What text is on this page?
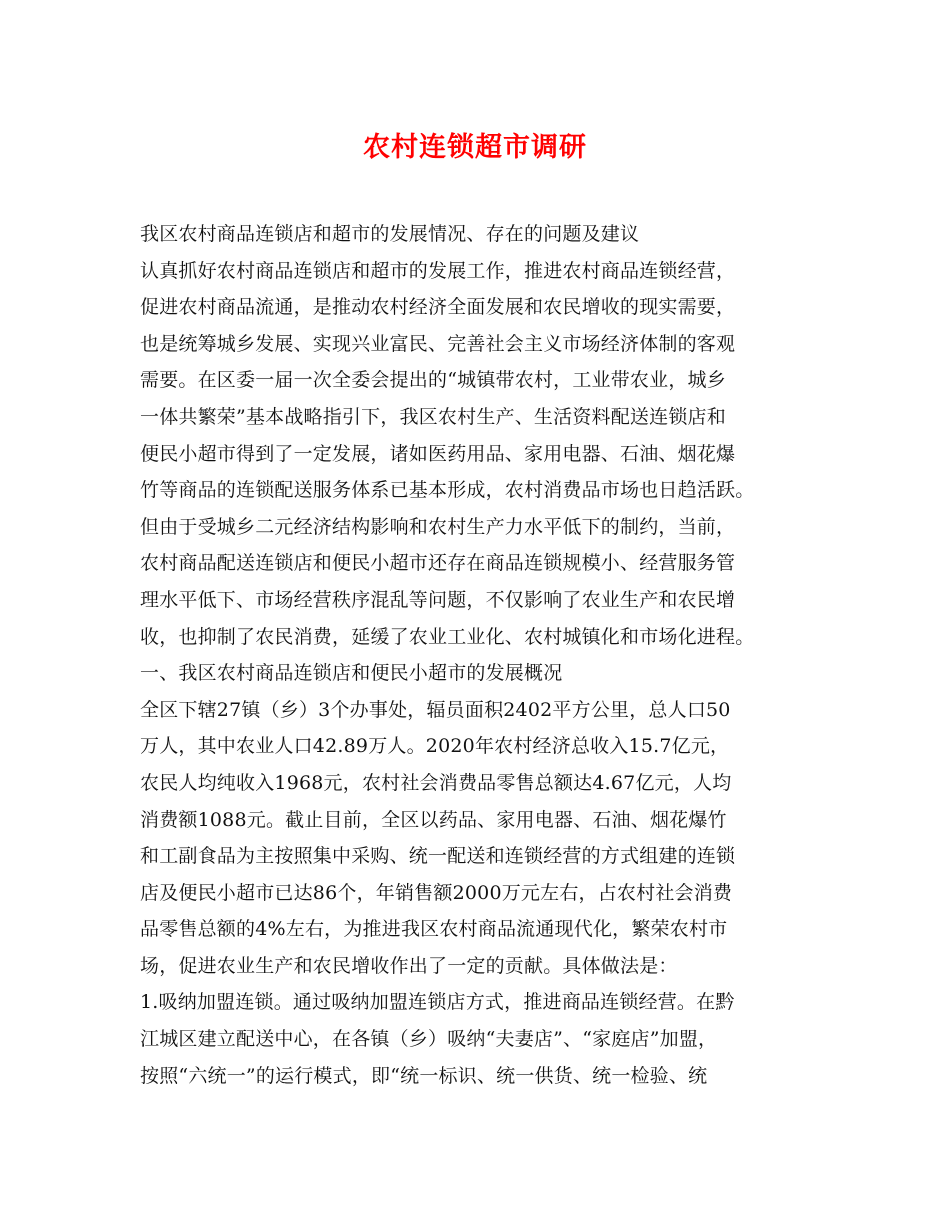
农村连锁超市调研
我区农村商品连锁店和超市的发展情况、存在的问题及建议
认真抓好农村商品连锁店和超市的发展工作，推进农村商品连锁经营，
促进农村商品流通，是推动农村经济全面发展和农民增收的现实需要，
也是统筹城乡发展、实现兴业富民、完善社会主义市场经济体制的客观
需要。在区委一届一次全委会提出的“城镇带农村，工业带农业，城乡
一体共繁荣”基本战略指引下，我区农村生产、生活资料配送连锁店和
便民小超市得到了一定发展，诸如医药用品、家用电器、石油、烟花爆
竹等商品的连锁配送服务体系已基本形成，农村消费品市场也日趋活跃。
但由于受城乡二元经济结构影响和农村生产力水平低下的制约，当前，
农村商品配送连锁店和便民小超市还存在商品连锁规模小、经营服务管
理水平低下、市场经营秩序混乱等问题，不仅影响了农业生产和农民增
收，也抑制了农民消费，延缓了农业工业化、农村城镇化和市场化进程。
一、我区农村商品连锁店和便民小超市的发展概况
全区下辖27镇（乡）3个办事处，辐员面积2402平方公里，总人口50
万人，其中农业人口42.89万人。2020年农村经济总收入15.7亿元，
农民人均纯收入1968元，农村社会消费品零售总额达4.67亿元，人均
消费额1088元。截止目前，全区以药品、家用电器、石油、烟花爆竹
和工副食品为主按照集中采购、统一配送和连锁经营的方式组建的连锁
店及便民小超市已达86个，年销售额2000万元左右，占农村社会消费
品零售总额的4%左右，为推进我区农村商品流通现代化，繁荣农村市
场，促进农业生产和农民增收作出了一定的贡献。具体做法是：
1.吸纳加盟连锁。通过吸纳加盟连锁店方式，推进商品连锁经营。在黔
江城区建立配送中心，在各镇（乡）吸纳“夫妻店”、“家庭店”加盟，
按照“六统一”的运行模式，即“统一标识、统一供货、统一检验、统
